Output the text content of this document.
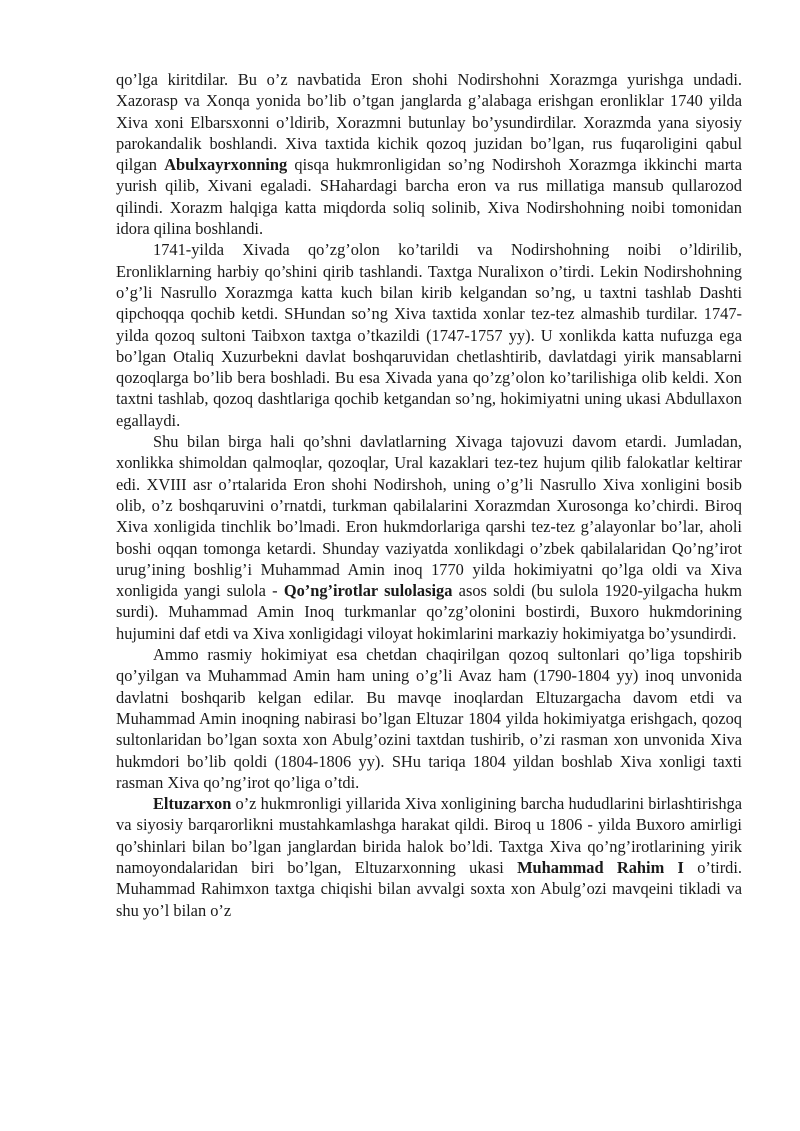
qo’lga kiritdilar. Bu o’z navbatida Eron shohi Nodirshohni Xorazmga yurishga undadi. Xazorasp va Xonqa yonida bo’lib o’tgan janglarda g’alabaga erishgan eronliklar 1740 yilda Xiva xoni Elbarsxonni o’ldirib, Xorazmni butunlay bo’ysundirdilar. Xorazmda yana siyosiy parokandalik boshlandi. Xiva taxtida kichik qozoq juzidan bo’lgan, rus fuqaroligini qabul qilgan Abulxayrxonning qisqa hukmronligidan so’ng Nodirshoh Xorazmga ikkinchi marta yurish qilib, Xivani egaladi. SHahardagi barcha eron va rus millatiga mansub qullarozod qilindi. Xorazm halqiga katta miqdorda soliq solinib, Xiva Nodirshohning noibi tomonidan idora qilina boshlandi.

1741-yilda Xivada qo’zg’olon ko’tarildi va Nodirshohning noibi o’ldirilib, Eronliklarning harbiy qo’shini qirib tashlandi. Taxtga Nuralixon o’tirdi. Lekin Nodirshohning o’g’li Nasrullo Xorazmga katta kuch bilan kirib kelgandan so’ng, u taxtni tashlab Dashti qipchoqqa qochib ketdi. SHundan so’ng Xiva taxtida xonlar tez-tez almashib turdilar. 1747-yilda qozoq sultoni Taibxon taxtga o’tkazildi (1747-1757 yy). U xonlikda katta nufuzga ega bo’lgan Otaliq Xuzurbekni davlat boshqaruvidan chetlashtirib, davlatdagi yirik mansablarni qozoqlarga bo’lib bera boshladi. Bu esa Xivada yana qo’zg’olon ko’tarilishiga olib keldi. Xon taxtni tashlab, qozoq dashtlariga qochib ketgandan so’ng, hokimiyatni uning ukasi Abdullaxon egallaydi.

Shu bilan birga hali qo’shni davlatlarning Xivaga tajovuzi davom etardi. Jumladan, xonlikka shimoldan qalmoqlar, qozoqlar, Ural kazaklari tez-tez hujum qilib falokatlar keltirar edi. XVIII asr o’rtalarida Eron shohi Nodirshoh, uning o’g’li Nasrullo Xiva xonligini bosib olib, o’z boshqaruvini o’rnatdi, turkman qabilalarini Xorazmdan Xurosonga ko’chirdi. Biroq Xiva xonligida tinchlik bo’lmadi. Eron hukmdorlariga qarshi tez-tez g’alayonlar bo’lar, aholi boshi oqqan tomonga ketardi. Shunday vaziyatda xonlikdagi o’zbek qabilalaridan Qo’ng’irot urug’ining boshlig’i Muhammad Amin inoq 1770 yilda hokimiyatni qo’lga oldi va Xiva xonligida yangi sulola - Qo’ng’irotlar sulolasiga asos soldi (bu sulola 1920-yilgacha hukm surdi). Muhammad Amin Inoq turkmanlar qo’zg’olonini bostirdi, Buxoro hukmdorining hujumini daf etdi va Xiva xonligidagi viloyat hokimlarini markaziy hokimiyatga bo’ysundirdi.

Ammo rasmiy hokimiyat esa chetdan chaqirilgan qozoq sultonlari qo’liga topshirib qo’yilgan va Muhammad Amin ham uning o’g’li Avaz ham (1790-1804 yy) inoq unvonida davlatni boshqarib kelgan edilar. Bu mavqe inoqlardan Eltuzargacha davom etdi va Muhammad Amin inoqning nabirasi bo’lgan Eltuzar 1804 yilda hokimiyatga erishgach, qozoq sultonlaridan bo’lgan soxta xon Abulg’ozini taxtdan tushirib, o’zi rasman xon unvonida Xiva hukmdori bo’lib qoldi (1804-1806 yy). SHu tariqa 1804 yildan boshlab Xiva xonligi taxti rasman Xiva qo’ng’irot qo’liga o’tdi.

Eltuzarxon o’z hukmronligi yillarida Xiva xonligining barcha hududlarini birlashtirishga va siyosiy barqarorlikni mustahkamlashga harakat qildi. Biroq u 1806 - yilda Buxoro amirligi qo’shinlari bilan bo’lgan janglardan birida halok bo’ldi. Taxtga Xiva qo’ng’irotlarining yirik namoyondalaridan biri bo’lgan, Eltuzarxonning ukasi Muhammad Rahim I o’tirdi. Muhammad Rahimxon taxtga chiqishi bilan avvalgi soxta xon Abulg’ozi mavqeini tikladi va shu yo’l bilan o’z
